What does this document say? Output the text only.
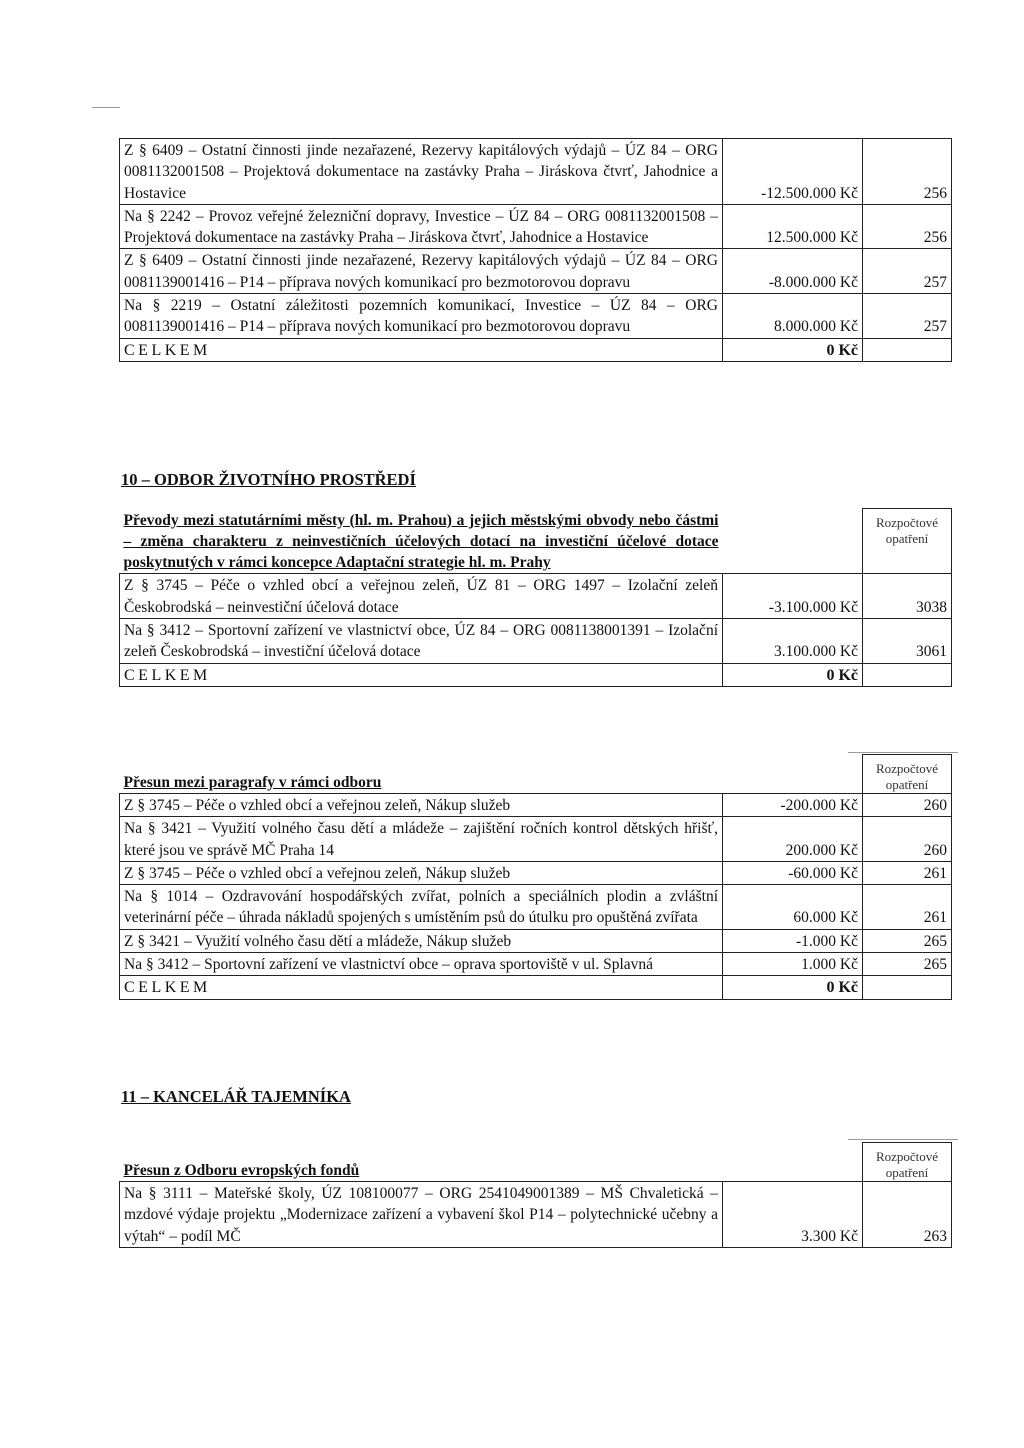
Z § 6409 – Ostatní činnosti jinde nezařazené, Rezervy kapitálových výdajů – ÚZ 84 – ORG 0081132001508 – Projektová dokumentace na zastávky Praha – Jiráskova čtvrť, Jahodnice a Hostavice	-12.500.000 Kč	256
Na § 2242 – Provoz veřejné železniční dopravy, Investice – ÚZ 84 – ORG 0081132001508 – Projektová dokumentace na zastávky Praha – Jiráskova čtvrť, Jahodnice a Hostavice	12.500.000 Kč	256
Z § 6409 – Ostatní činnosti jinde nezařazené, Rezervy kapitálových výdajů – ÚZ 84 – ORG 0081139001416 – P14 – příprava nových komunikací pro bezmotorovou dopravu	-8.000.000 Kč	257
Na § 2219 – Ostatní záležitosti pozemních komunikací, Investice – ÚZ 84 – ORG 0081139001416 – P14 – příprava nových komunikací pro bezmotorovou dopravu	8.000.000 Kč	257
CELKEM	0 Kč	
10 – ODBOR ŽIVOTNÍHO PROSTŘEDÍ
Převody mezi statutárními městy (hl. m. Prahou) a jejich městskými obvody nebo částmi – změna charakteru z neinvestičních účelových dotací na investiční účelové dotace poskytnutých v rámci koncepce Adaptační strategie hl. m. Prahy		Rozpočtové opatření
Z § 3745 – Péče o vzhled obcí a veřejnou zeleň, ÚZ 81 – ORG 1497 – Izolační zeleň Českobrodská – neinvestiční účelová dotace	-3.100.000 Kč	3038
Na § 3412 – Sportovní zařízení ve vlastnictví obce, ÚZ 84 – ORG 0081138001391 – Izolační zeleň Českobrodská – investiční účelová dotace	3.100.000 Kč	3061
CELKEM	0 Kč	
Přesun mezi paragrafy v rámci odboru		Rozpočtové opatření
Z § 3745 – Péče o vzhled obcí a veřejnou zeleň, Nákup služeb	-200.000 Kč	260
Na § 3421 – Využití volného času dětí a mládeže – zajištění ročních kontrol dětských hřišť, které jsou ve správě MČ Praha 14	200.000 Kč	260
Z § 3745 – Péče o vzhled obcí a veřejnou zeleň, Nákup služeb	-60.000 Kč	261
Na § 1014 – Ozdravování hospodářských zvířat, polních a speciálních plodin a zvláštní veterinární péče – úhrada nákladů spojených s umístěním psů do útulku pro opuštěná zvířata	60.000 Kč	261
Z § 3421 – Využití volného času dětí a mládeže, Nákup služeb	-1.000 Kč	265
Na § 3412 – Sportovní zařízení ve vlastnictví obce – oprava sportoviště v ul. Splavná	1.000 Kč	265
CELKEM	0 Kč	
11 – KANCELÁŘ TAJEMNÍKA
Přesun z Odboru evropských fondů		Rozpočtové opatření
Na § 3111 – Mateřské školy, ÚZ 108100077 – ORG 2541049001389 – MŠ Chvaletická – mzdové výdaje projektu „Modernizace zařízení a vybavení škol P14 – polytechnické učebny a výtah“ – podíl MČ	3.300 Kč	263
